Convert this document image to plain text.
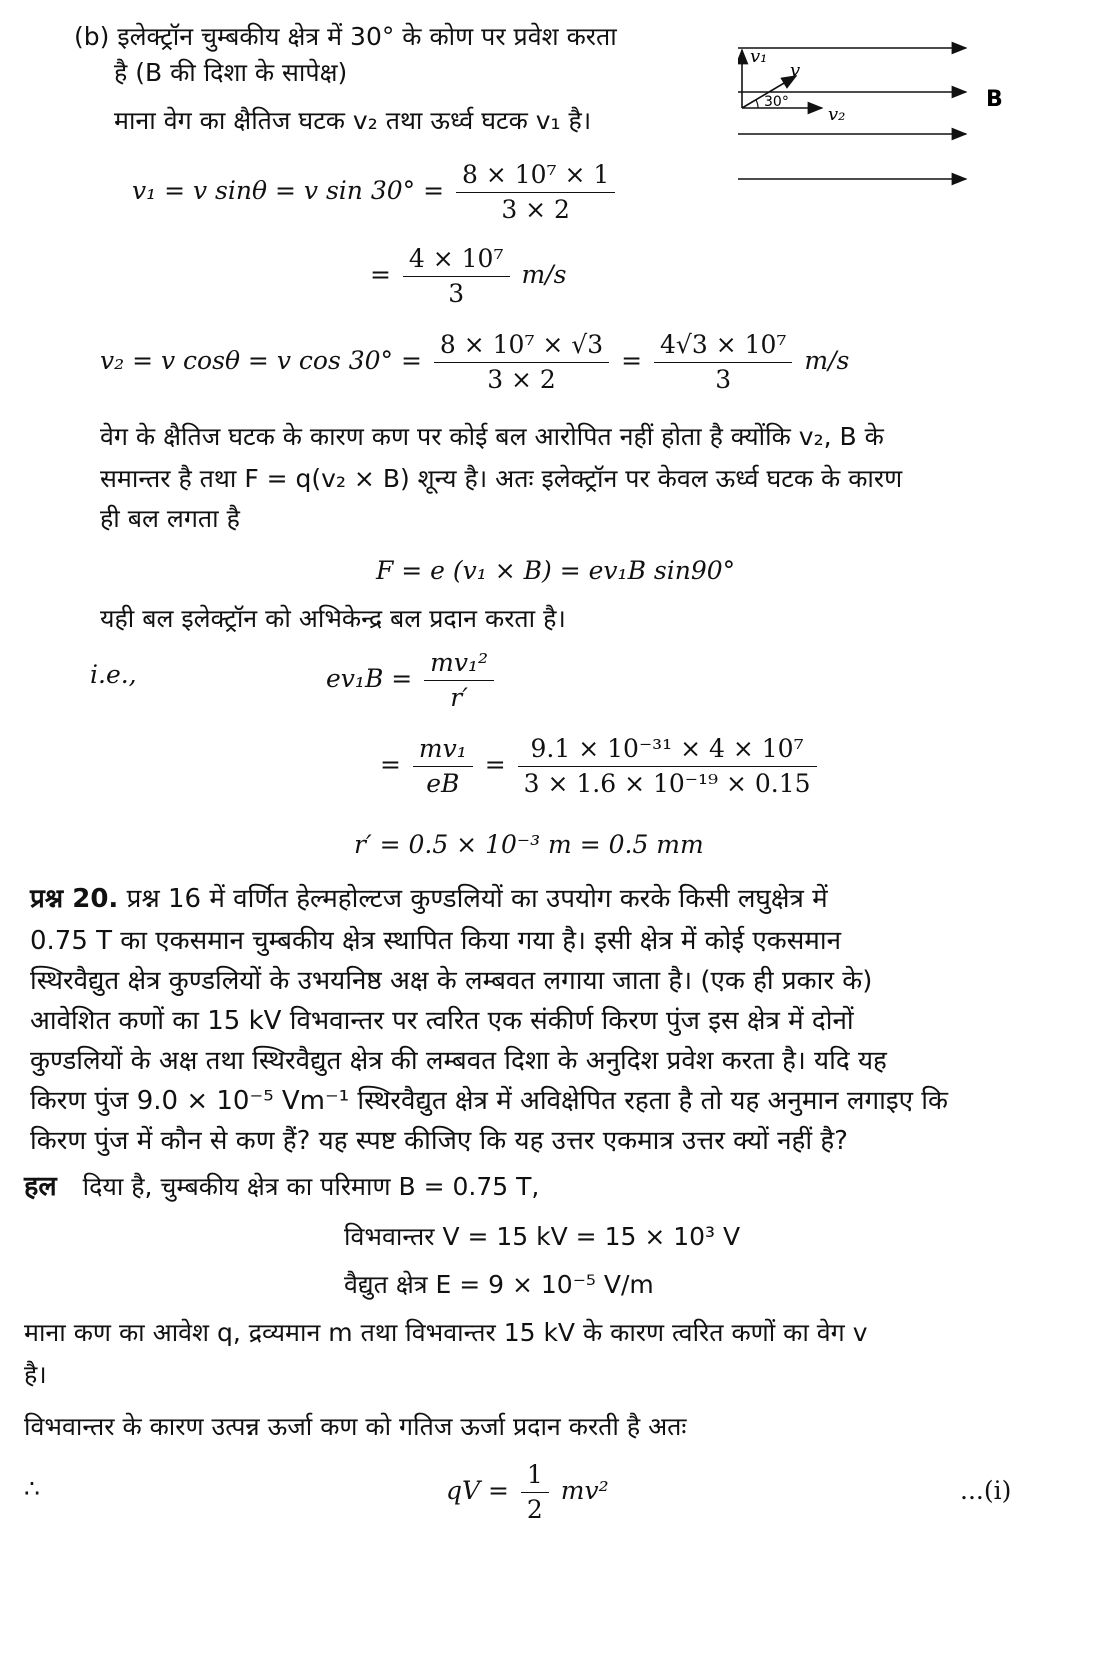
(b) इलेक्ट्रॉन चुम्बकीय क्षेत्र में 30° के कोण पर प्रवेश करता
है (B की दिशा के सापेक्ष)
माना वेग का क्षैतिज घटक v₂ तथा ऊर्ध्व घटक v₁ है।
v₁
v
30°
v₂
B
v₁ = v sinθ = v $\sin 30^\circ = \frac{\text{8 × 10⁷ × 1}}{3 \times 2}$
= $\frac{\text{4 × 10⁷}}{3} m/s$
v₂ = v cosθ = v $\cos 30^\circ = \frac{\text{8 × 10⁷ × √3}}{3 \times 2} = \frac{\text{4√3 × 10⁷}}{3} m/s$
वेग के क्षैतिज घटक के कारण कण पर कोई बल आरोपित नहीं होता है क्योंकि v₂, B के
समान्तर है तथा F = q(v₂ × B) शून्य है। अतः इलेक्ट्रॉन पर केवल ऊर्ध्व घटक के कारण
ही बल लगता है
F = e (v₁ × B) = ev₁B sin90°
यही बल इलेक्ट्रॉन को अभिकेन्द्र बल प्रदान करता है।
i.e.,	$ev_1B = \frac{\text{mv₁²}}{r'}$
= $\frac{\text{mv₁}}{eB} = \frac{\text{9.1 × 10⁻³¹ × 4 × 10⁷}}{\text{3 × 1.6 × 10⁻¹⁹ × 0.15}}$
r′ = 0.5 × 10⁻³ m = 0.5 mm
प्रश्न 20. प्रश्न 16 में वर्णित हेल्महोल्टज कुण्डलियों का उपयोग करके किसी लघुक्षेत्र में
0.75 T का एकसमान चुम्बकीय क्षेत्र स्थापित किया गया है। इसी क्षेत्र में कोई एकसमान
स्थिरवैद्युत क्षेत्र कुण्डलियों के उभयनिष्ठ अक्ष के लम्बवत लगाया जाता है। (एक ही प्रकार के)
आवेशित कणों का 15 kV विभवान्तर पर त्वरित एक संकीर्ण किरण पुंज इस क्षेत्र में दोनों
कुण्डलियों के अक्ष तथा स्थिरवैद्युत क्षेत्र की लम्बवत दिशा के अनुदिश प्रवेश करता है। यदि यह
किरण पुंज 9.0 × 10⁻⁵ Vm⁻¹ स्थिरवैद्युत क्षेत्र में अविक्षेपित रहता है तो यह अनुमान लगाइए कि
किरण पुंज में कौन से कण हैं? यह स्पष्ट कीजिए कि यह उत्तर एकमात्र उत्तर क्यों नहीं है?
हल दिया है, चुम्बकीय क्षेत्र का परिमाण B = 0.75 T,
विभवान्तर V = 15 kV = 15 × 10³ V
वैद्युत क्षेत्र E = 9 × 10⁻⁵ V/m
माना कण का आवेश q, द्रव्यमान m तथा विभवान्तर 15 kV के कारण त्वरित कणों का वेग v
है।
विभवान्तर के कारण उत्पन्न ऊर्जा कण को गतिज ऊर्जा प्रदान करती है अतः
∴	qV = $\frac{1}{2} mv^2$	...(i)
